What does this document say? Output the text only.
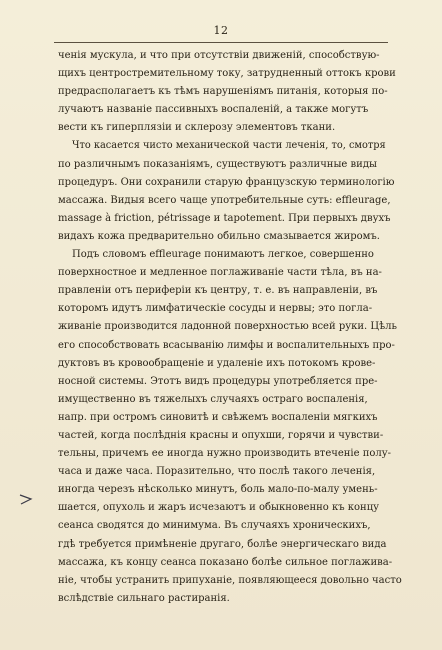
12
ченія мускула, и что при отсутствіи движеній, способствую-
щихъ центростремительному току, затрудненный оттокъ крови
предрасполагаетъ къ тѣмъ нарушеніямъ питанія, которыя по-
лучаютъ названіе пассивныхъ воспаленій, а также могутъ
вести къ гиперплязіи и склерозу элементовъ ткани.
Что касается чисто механической части леченія, то, смотря
по различнымъ показаніямъ, существуютъ различные виды
процедуръ. Они сохранили старую французскую терминологію
массажа. Видыя всего чаще употребительные суть: effleurage,
massage à friction, pétrissage и tapotement. При первыхъ двухъ
видахъ кожа предварительно обильно смазывается жиромъ.
Подъ словомъ effleurage понимаютъ легкое, совершенно
поверхностное и медленное поглаживаніе части тѣла, въ на-
правленіи отъ периферіи къ центру, т. е. въ направленіи, въ
которомъ идутъ лимфатическіе сосуды и нервы; это погла-
живаніе производится ладонной поверхностью всей руки. Цѣль
его способствовать всасыванію лимфы и воспалительныхъ про-
дуктовъ въ кровообращеніе и удаленіе ихъ потокомъ крове-
носной системы. Этотъ видъ процедуры употребляется пре-
имущественно въ тяжелыхъ случаяхъ остраго воспаленія,
напр. при остромъ синовитѣ и свѣжемъ воспаленіи мягкихъ
частей, когда послѣднія красны и опухши, горячи и чувстви-
тельны, причемъ ее иногда нужно производить втеченіе полу-
часа и даже часа. Поразительно, что послѣ такого леченія,
иногда черезъ нѣсколько минутъ, боль мало-по-малу умень-
шается, опухоль и жаръ исчезаютъ и обыкновенно къ концу
сеанса сводятся до минимума. Въ случаяхъ хроническихъ,
гдѣ требуется примѣненіе другаго, болѣе энергическаго вида
массажа, къ концу сеанса показано болѣе сильное поглажива-
ніе, чтобы устранить припуханіе, появляющееся довольно часто
вслѣдствіе сильнаго растиранія.
